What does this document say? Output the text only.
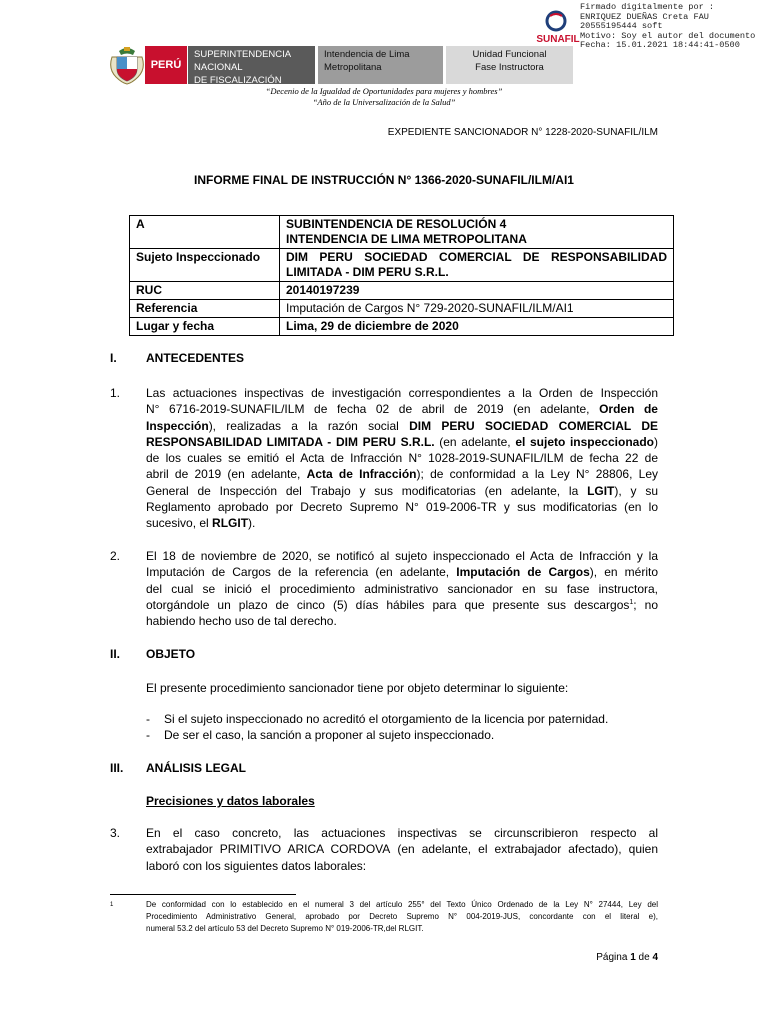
PERÚ
SUPERINTENDENCIA NACIONAL
DE FISCALIZACIÓN LABORAL
Intendencia de Lima
Metropolitana
Unidad Funcional
Fase Instructora
SUNAFIL
Firmado digitalmente por :
ENRIQUEZ DUEÑAS Creta FAU
20555195444 soft
Motivo: Soy el autor del documento
Fecha: 15.01.2021 18:44:41-0500
“Decenio de la Igualdad de Oportunidades para mujeres y hombres”
“Año de la Universalización de la Salud”
EXPEDIENTE SANCIONADOR N° 1228-2020-SUNAFIL/ILM
INFORME FINAL DE INSTRUCCIÓN N° 1366-2020-SUNAFIL/ILM/AI1
A	SUBINTENDENCIA DE RESOLUCIÓN 4
INTENDENCIA DE LIMA METROPOLITANA

Sujeto Inspeccionado	DIM PERU SOCIEDAD COMERCIAL DE RESPONSABILIDAD
LIMITADA - DIM PERU S.R.L.

RUC	20140197239
Referencia	Imputación de Cargos N° 729-2020-SUNAFIL/ILM/AI1
Lugar y fecha	Lima, 29 de diciembre de 2020
I. ANTECEDENTES
1. Las actuaciones inspectivas de investigación correspondientes a la Orden de Inspección
N° 6716-2019-SUNAFIL/ILM de fecha 02 de abril de 2019 (en adelante, Orden de
Inspección), realizadas a la razón social DIM PERU SOCIEDAD COMERCIAL DE
RESPONSABILIDAD LIMITADA - DIM PERU S.R.L. (en adelante, el sujeto inspeccionado)
de los cuales se emitió el Acta de Infracción N° 1028-2019-SUNAFIL/ILM de fecha 22 de
abril de 2019 (en adelante, Acta de Infracción); de conformidad a la Ley N° 28806, Ley
General de Inspección del Trabajo y sus modificatorias (en adelante, la LGIT), y su
Reglamento aprobado por Decreto Supremo N° 019-2006-TR y sus modificatorias (en lo
sucesivo, el RLGIT).
2. El 18 de noviembre de 2020, se notificó al sujeto inspeccionado el Acta de Infracción y la
Imputación de Cargos de la referencia (en adelante, Imputación de Cargos), en mérito
del cual se inició el procedimiento administrativo sancionador en su fase instructora,
otorgándole un plazo de cinco (5) días hábiles para que presente sus descargos$^1$; no
habiendo hecho uso de tal derecho.
II. OBJETO
El presente procedimiento sancionador tiene por objeto determinar lo siguiente:
- Si el sujeto inspeccionado no acreditó el otorgamiento de la licencia por paternidad.
- De ser el caso, la sanción a proponer al sujeto inspeccionado.
III. ANÁLISIS LEGAL
Precisiones y datos laborales
3. En el caso concreto, las actuaciones inspectivas se circunscribieron respecto al
extrabajador PRIMITIVO ARICA CORDOVA (en adelante, el extrabajador afectado), quien
laboró con los siguientes datos laborales:
1	De conformidad con lo establecido en el numeral 3 del artículo 255° del Texto Único Ordenado de la Ley N° 27444, Ley del
Procedimiento Administrativo General, aprobado por Decreto Supremo N° 004-2019-JUS, concordante con el literal e),
numeral 53.2 del artículo 53 del Decreto Supremo N° 019-2006-TR,del RLGIT.
Página 1 de 4
